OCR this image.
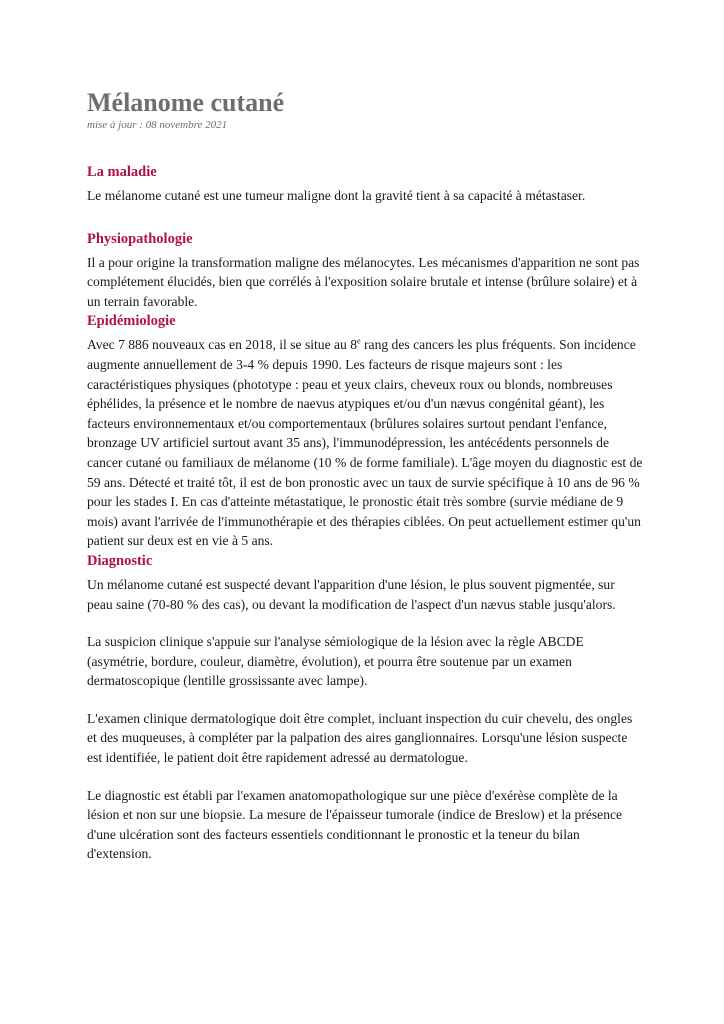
Mélanome cutané

mise à jour : 08 novembre 2021

La maladie

Le mélanome cutané est une tumeur maligne dont la gravité tient à sa capacité à métastaser.

Physiopathologie

Il a pour origine la transformation maligne des mélanocytes. Les mécanismes d'apparition ne sont pas complétement élucidés, bien que corrélés à l'exposition solaire brutale et intense (brûlure solaire) et à un terrain favorable.

Epidémiologie

Avec 7 886 nouveaux cas en 2018, il se situe au 8e rang des cancers les plus fréquents. Son incidence augmente annuellement de 3-4 % depuis 1990. Les facteurs de risque majeurs sont : les caractéristiques physiques (phototype : peau et yeux clairs, cheveux roux ou blonds, nombreuses éphélides, la présence et le nombre de naevus atypiques et/ou d'un nævus congénital géant), les facteurs environnementaux et/ou comportementaux (brûlures solaires surtout pendant l'enfance, bronzage UV artificiel surtout avant 35 ans), l'immunodépression, les antécédents personnels de cancer cutané ou familiaux de mélanome (10 % de forme familiale). L'âge moyen du diagnostic est de 59 ans. Détecté et traité tôt, il est de bon pronostic avec un taux de survie spécifique à 10 ans de 96 % pour les stades I. En cas d'atteinte métastatique, le pronostic était très sombre (survie médiane de 9 mois) avant l'arrivée de l'immunothérapie et des thérapies ciblées. On peut actuellement estimer qu'un patient sur deux est en vie à 5 ans.

Diagnostic

Un mélanome cutané est suspecté devant l'apparition d'une lésion, le plus souvent pigmentée, sur peau saine (70-80 % des cas), ou devant la modification de l'aspect d'un nævus stable jusqu'alors.

La suspicion clinique s'appuie sur l'analyse sémiologique de la lésion avec la règle ABCDE (asymétrie, bordure, couleur, diamètre, évolution), et pourra être soutenue par un examen dermatoscopique (lentille grossissante avec lampe).

L'examen clinique dermatologique doit être complet, incluant inspection du cuir chevelu, des ongles et des muqueuses, à compléter par la palpation des aires ganglionnaires. Lorsqu'une lésion suspecte est identifiée, le patient doit être rapidement adressé au dermatologue.

Le diagnostic est établi par l'examen anatomopathologique sur une pièce d'exérèse complète de la lésion et non sur une biopsie. La mesure de l'épaisseur tumorale (indice de Breslow) et la présence d'une ulcération sont des facteurs essentiels conditionnant le pronostic et la teneur du bilan d'extension.
